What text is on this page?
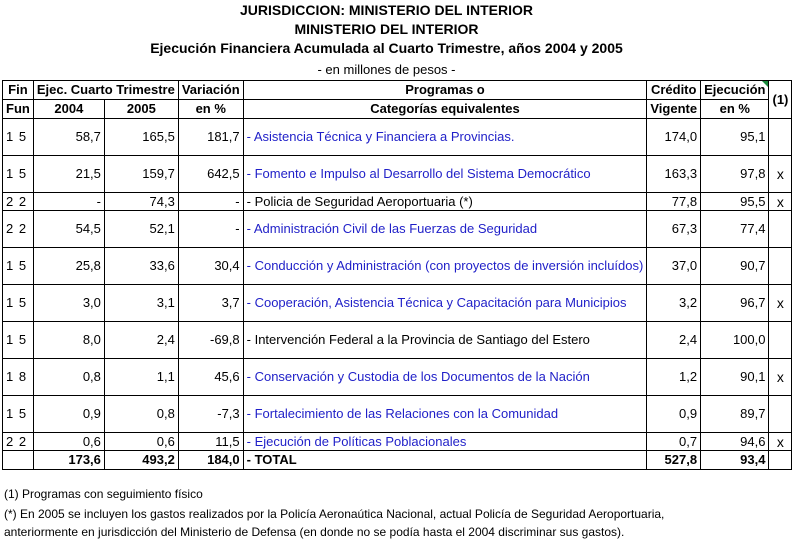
JURISDICCION: MINISTERIO DEL INTERIOR
MINISTERIO DEL INTERIOR
Ejecución Financiera Acumulada al Cuarto Trimestre, años 2004 y 2005
- en millones de pesos -
Fin	Ejec. Cuarto Trimestre		Variación	Programas o	Crédito	Ejecución	(1)
Fun	2004	2005	en %	Categorías equivalentes	Vigente	en %	
1 5	58,7	165,5	181,7	- Asistencia Técnica y Financiera a Provincias.	174,0	95,1	
1 5	21,5	159,7	642,5	- Fomento e Impulso al Desarrollo del Sistema Democrático	163,3	97,8	x
2 2	-	74,3	-	- Policia de Seguridad Aeroportuaria (*)	77,8	95,5	x
2 2	54,5	52,1	-	- Administración Civil de las Fuerzas de Seguridad	67,3	77,4	
1 5	25,8	33,6	30,4	- Conducción y Administración (con proyectos de inversión incluídos)	37,0	90,7	
1 5	3,0	3,1	3,7	- Cooperación, Asistencia Técnica y Capacitación para Municipios	3,2	96,7	x
1 5	8,0	2,4	-69,8	- Intervención Federal a la Provincia de Santiago del Estero	2,4	100,0	
1 8	0,8	1,1	45,6	- Conservación y Custodia de los Documentos de la Nación	1,2	90,1	x
1 5	0,9	0,8	-7,3	- Fortalecimiento de las Relaciones con la Comunidad	0,9	89,7	
2 2	0,6	0,6	11,5	- Ejecución de Políticas Poblacionales	0,7	94,6	x
	173,6	493,2	184,0	- TOTAL	527,8	93,4	
(1) Programas con seguimiento físico
(*) En 2005 se incluyen los gastos realizados por la Policía Aeronaútica Nacional, actual Policía de Seguridad Aeroportuaria,
anteriormente en jurisdicción del Ministerio de Defensa (en donde no se podía hasta el 2004 discriminar sus gastos).
